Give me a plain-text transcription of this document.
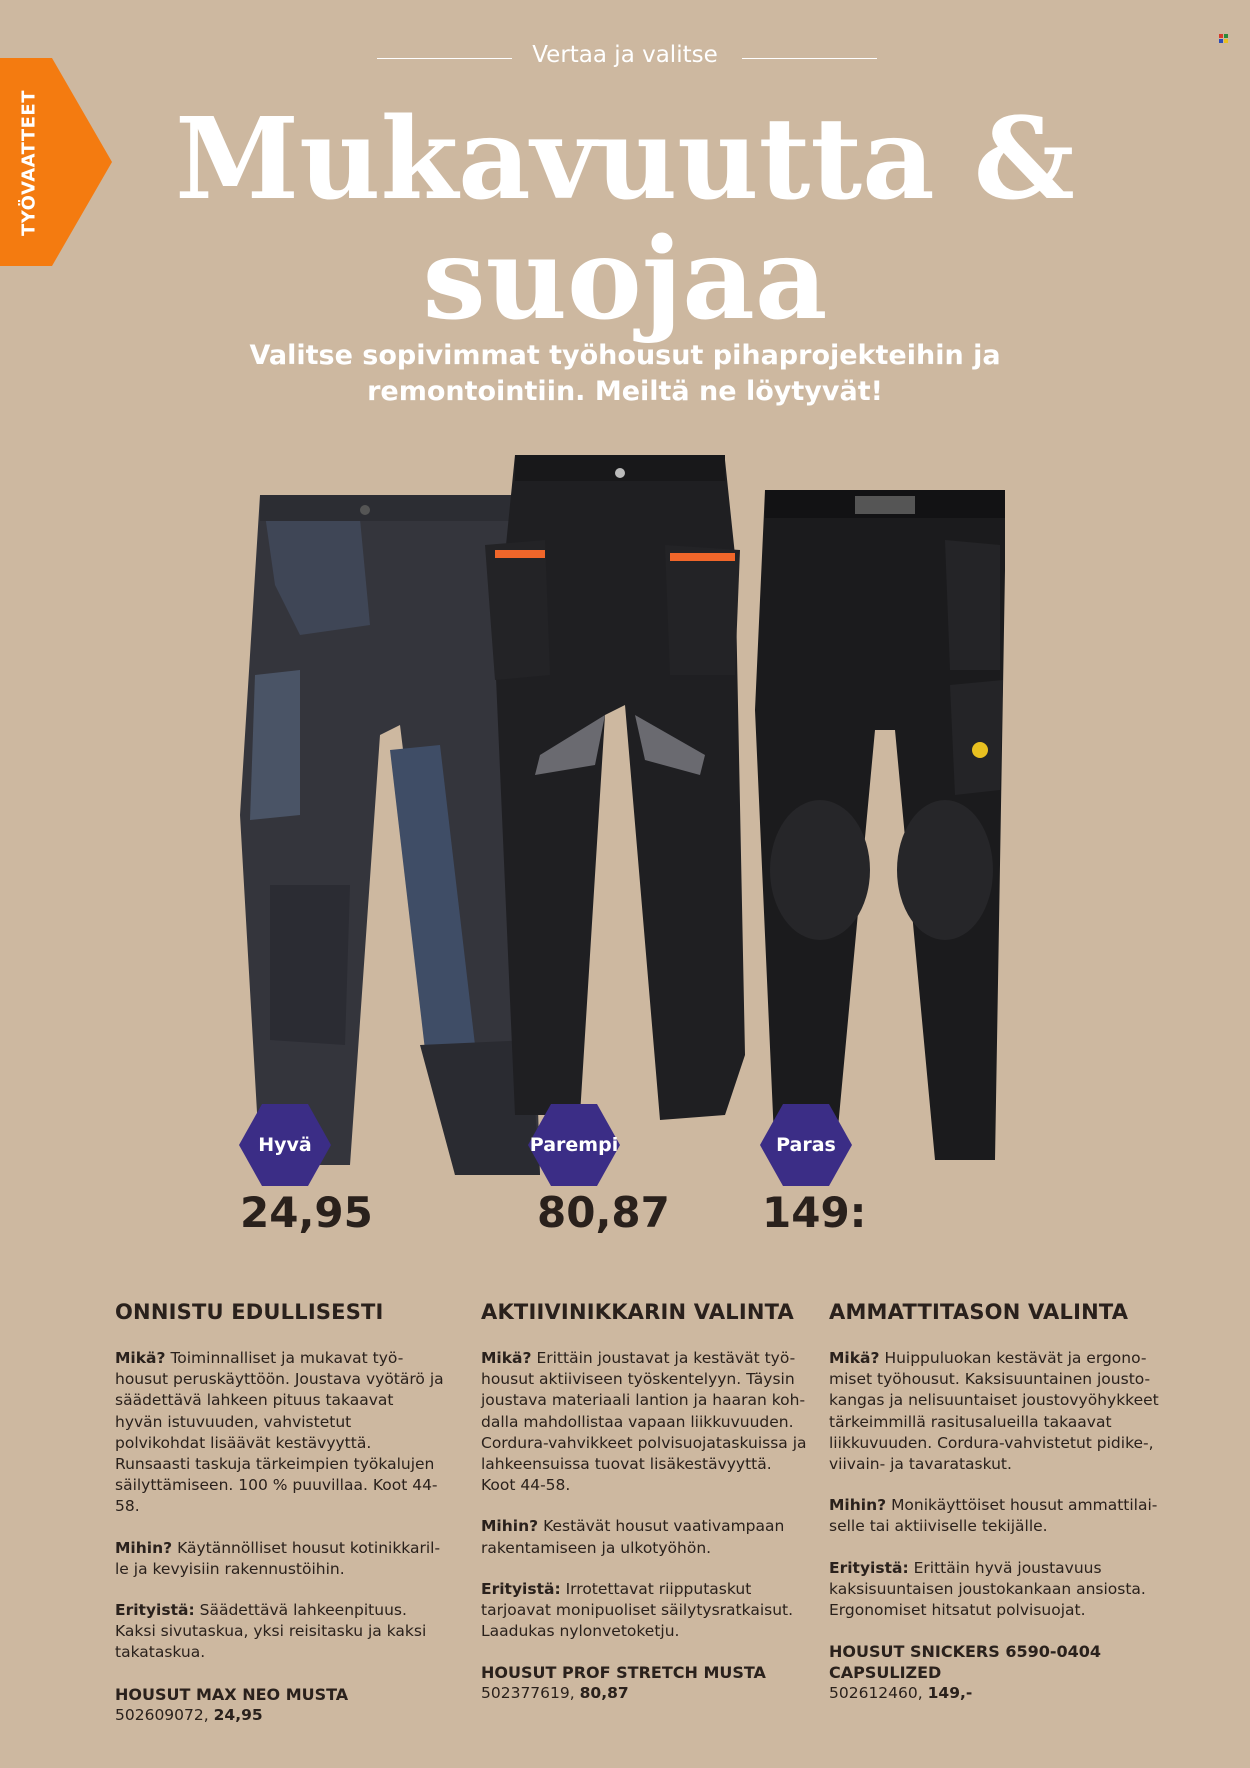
TYÖVAATTEET
Vertaa ja valitse
Mukavuutta &
suojaa
Valitse sopivimmat työhousut pihaprojekteihin ja
remontointiin. Meiltä ne löytyvät!
Hyvä	Parempi	Paras
24,95	80,87 149:
ONNISTU EDULLISESTI

Mikä? Toiminnalliset ja mukavat työ-housut peruskäyttöön. Joustava vyötärö ja säädettävä lahkeen pituus takaavat hyvän istuvuuden, vahvistetut polvikohdat lisäävät kestävyyttä. Runsaasti taskuja tärkeimpien työkalujen säilyttämiseen. 100 % puuvillaa. Koot 44-58.

Mihin? Käytännölliset housut kotinikkaril-le ja kevyisiin rakennustöihin.

Erityistä: Säädettävä lahkeenpituus. Kaksi sivutaskua, yksi reisitasku ja kaksi takataskua.

HOUSUT MAX NEO MUSTA
502609072, 24,95
AKTIIVINIKKARIN VALINTA

Mikä? Erittäin joustavat ja kestävät työ-housut aktiiviseen työskentelyyn. Täysin joustava materiaali lantion ja haaran koh-dalla mahdollistaa vapaan liikkuvuuden. Cordura-vahvikkeet polvisuojataskuissa ja lahkeensuissa tuovat lisäkestävyyttä. Koot 44-58.

Mihin? Kestävät housut vaativampaan rakentamiseen ja ulkotyöhön.

Erityistä: Irrotettavat riipputaskut tarjoavat monipuoliset säilytysratkaisut. Laadukas nylonvetoketju.

HOUSUT PROF STRETCH MUSTA
502377619, 80,87
AMMATTITASON VALINTA

Mikä? Huippuluokan kestävät ja ergono-miset työhousut. Kaksisuuntainen jousto-kangas ja nelisuuntaiset joustovyöhykkeet tärkeimmillä rasitusalueilla takaavat liikkuvuuden. Cordura-vahvistetut pidike-, viivain- ja tavarataskut.

Mihin? Monikäyttöiset housut ammattilai-selle tai aktiiviselle tekijälle.

Erityistä: Erittäin hyvä joustavuus kaksisuuntaisen joustokankaan ansiosta. Ergonomiset hitsatut polvisuojat.

HOUSUT SNICKERS 6590-0404 CAPSULIZED
502612460, 149,-
